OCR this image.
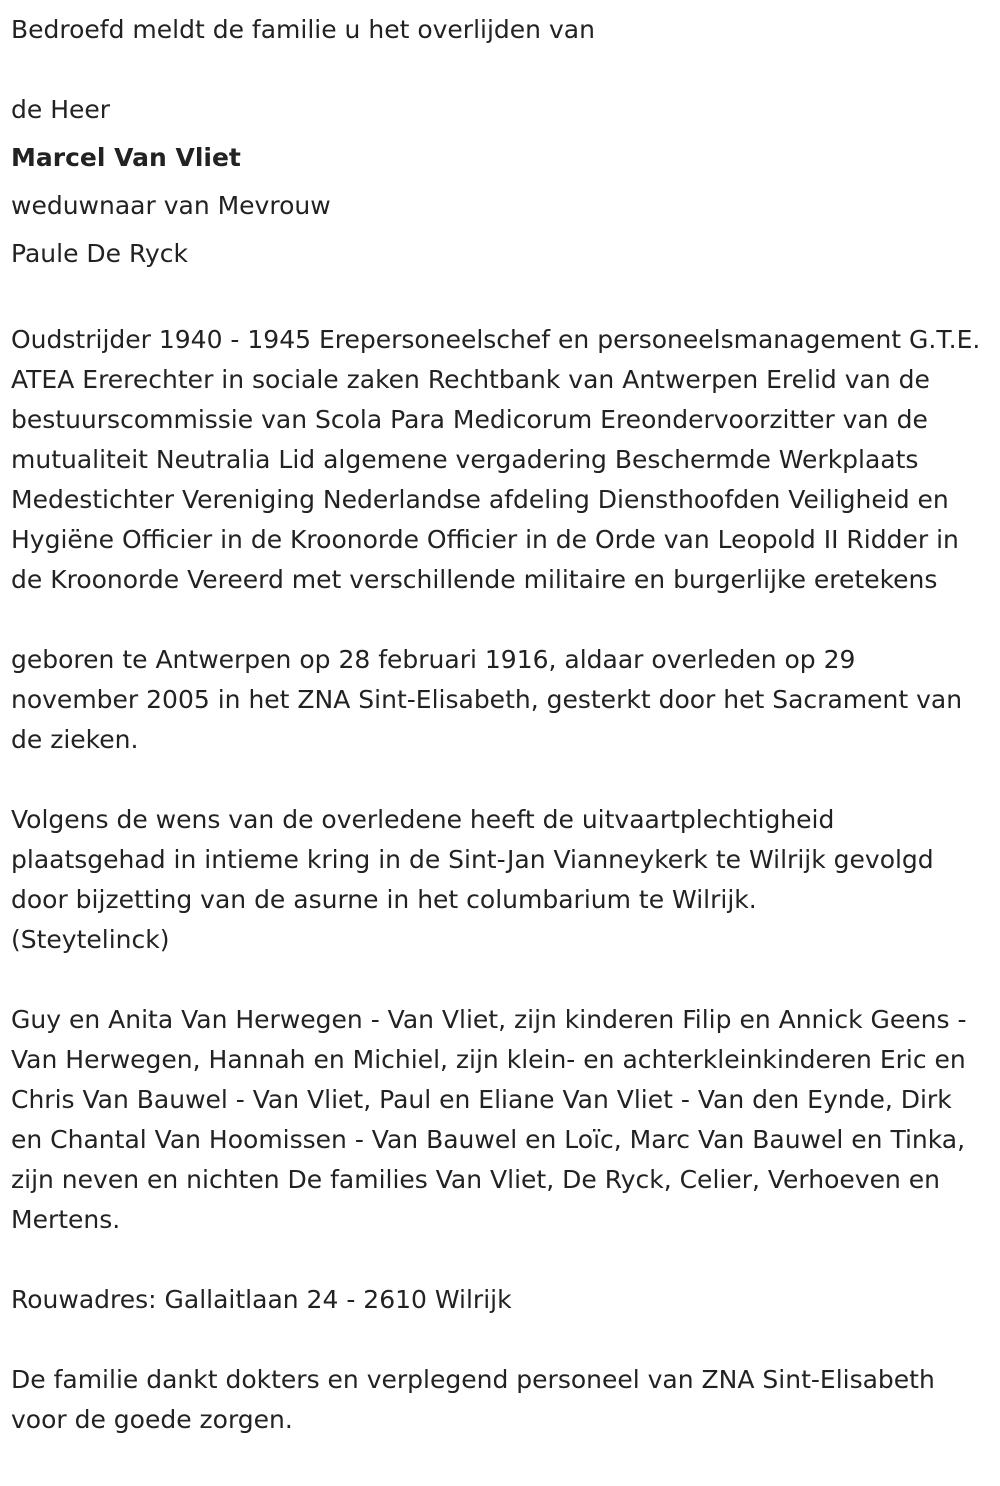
Bedroefd meldt de familie u het overlijden van
de Heer
Marcel Van Vliet
weduwnaar van Mevrouw
Paule De Ryck

Oudstrijder 1940 - 1945 Erepersoneelschef en personeelsmanagement G.T.E. ATEA Ererechter in sociale zaken Rechtbank van Antwerpen Erelid van de bestuurscommissie van Scola Para Medicorum Ereondervoorzitter van de mutualiteit Neutralia Lid algemene vergadering Beschermde Werkplaats Medestichter Vereniging Nederlandse afdeling Diensthoofden Veiligheid en Hygiëne Officier in de Kroonorde Officier in de Orde van Leopold II Ridder in de Kroonorde Vereerd met verschillende militaire en burgerlijke eretekens

geboren te Antwerpen op 28 februari 1916, aldaar overleden op 29 november 2005 in het ZNA Sint-Elisabeth, gesterkt door het Sacrament van de zieken.

Volgens de wens van de overledene heeft de uitvaartplechtigheid plaatsgehad in intieme kring in de Sint-Jan Vianneykerk te Wilrijk gevolgd door bijzetting van de asurne in het columbarium te Wilrijk.

(Steytelinck)

Guy en Anita Van Herwegen - Van Vliet, zijn kinderen Filip en Annick Geens - Van Herwegen, Hannah en Michiel, zijn klein- en achterkleinkinderen Eric en Chris Van Bauwel - Van Vliet, Paul en Eliane Van Vliet - Van den Eynde, Dirk en Chantal Van Hoomissen - Van Bauwel en Loïc, Marc Van Bauwel en Tinka, zijn neven en nichten De families Van Vliet, De Ryck, Celier, Verhoeven en Mertens.

Rouwadres: Gallaitlaan 24 - 2610 Wilrijk

De familie dankt dokters en verplegend personeel van ZNA Sint-Elisabeth voor de goede zorgen.
